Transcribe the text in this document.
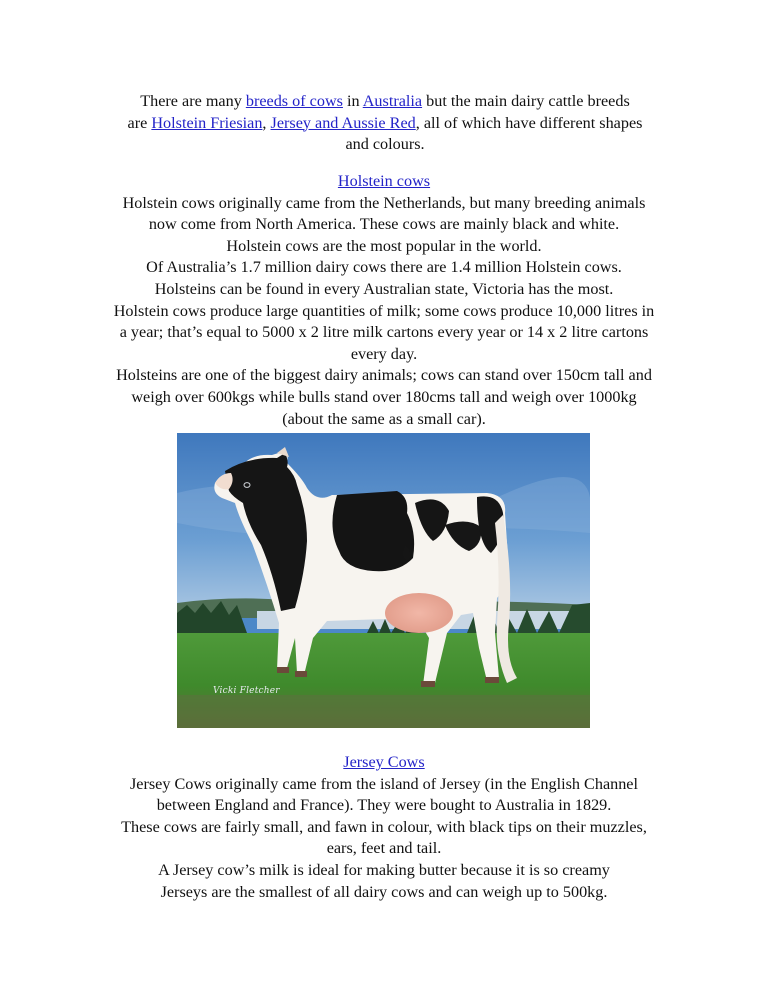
There are many breeds of cows in Australia but the main dairy cattle breeds

are Holstein Friesian, Jersey and Aussie Red, all of which have different shapes

and colours.

Holstein cows

Holstein cows originally came from the Netherlands, but many breeding animals

now come from North America. These cows are mainly black and white.

Holstein cows are the most popular in the world.

Of Australia’s 1.7 million dairy cows there are 1.4 million Holstein cows.

Holsteins can be found in every Australian state, Victoria has the most.

Holstein cows produce large quantities of milk; some cows produce 10,000 litres in

a year; that’s equal to 5000 x 2 litre milk cartons every year or 14 x 2 litre cartons

every day.

Holsteins are one of the biggest dairy animals; cows can stand over 150cm tall and

weigh over 600kgs while bulls stand over 180cms tall and weigh over 1000kg

(about the same as a small car).

Vicki Fletcher

Jersey Cows

Jersey Cows originally came from the island of Jersey (in the English Channel

between England and France). They were bought to Australia in 1829.

These cows are fairly small, and fawn in colour, with black tips on their muzzles,

ears, feet and tail.

A Jersey cow’s milk is ideal for making butter because it is so creamy

Jerseys are the smallest of all dairy cows and can weigh up to 500kg.
